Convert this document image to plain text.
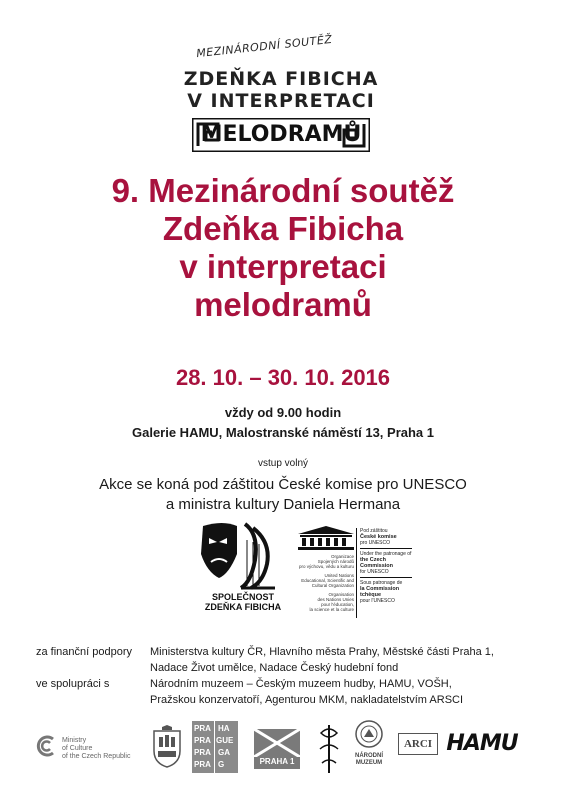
MEZINÁRODNÍ SOUTĚŽ
ZDEŇKA FIBICHA
V INTERPRETACI
MELODRAMŮ
9. Mezinárodní soutěž
Zdeňka Fibicha
v interpretaci
melodramů
28. 10. – 30. 10. 2016
vždy od 9.00 hodin
Galerie HAMU, Malostranské náměstí 13, Praha 1
vstup volný
Akce se koná pod záštitou České komise pro UNESCO
a ministra kultury Daniela Hermana
SPOLEČNOST
ZDEŇKA FIBICHA
Organizace
Spojených národů
pro výchovu, vědu a kulturu
United Nations
Educational, Scientific and
Cultural Organization
Organisation
des Nations Unies
pour l'éducation,
la science et la culture
Pod záštitou
České komise
pro UNESCO
Under the patronage of
the Czech Commission
for UNESCO
Sous patronage de
la Commission tchèque
pour l'UNESCO
za finanční podpory Ministerstva kultury ČR, Hlavního města Prahy, Městské části Praha 1,
Nadace Život umělce, Nadace Český hudební fond
ve spolupráci s	Národním muzeem – Českým muzeem hudby, HAMU, VOŠH,
Pražskou konzervatoří, Agenturou MKM, nakladatelstvím ARSCI
Ministry
of Culture
of the Czech Republic
PRA HA
PRA GUE
PRA GA
PRA G	PRAHA 1
NÁRODNÍ
MUZEUM
ARCI HAMU
